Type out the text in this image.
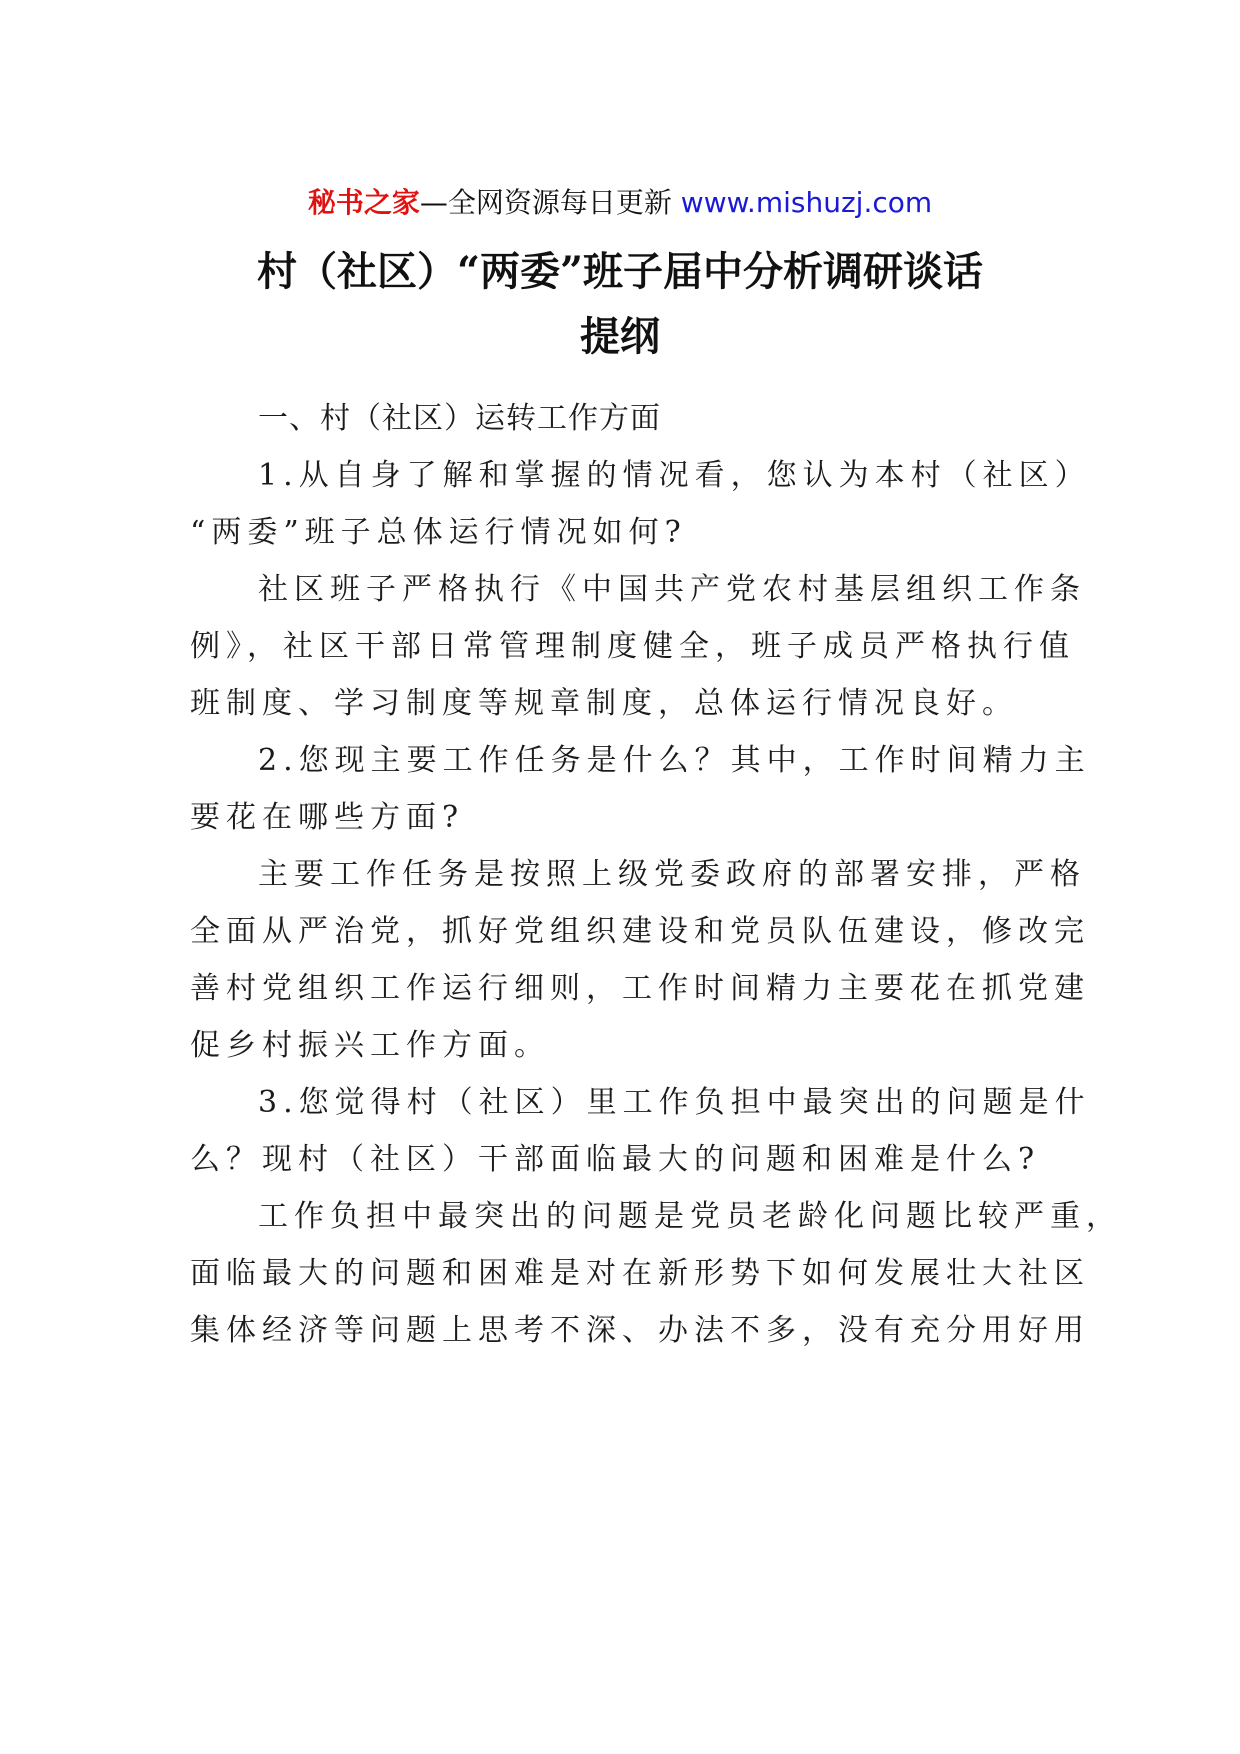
秘书之家—全网资源每日更新 www.mishuzj.com
村（社区）“两委”班子届中分析调研谈话
提纲
一、村（社区）运转工作方面
1.从自身了解和掌握的情况看，您认为本村（社区）
“两委”班子总体运行情况如何?
社区班子严格执行《中国共产党农村基层组织工作条
例》，社区干部日常管理制度健全，班子成员严格执行值
班制度、学习制度等规章制度，总体运行情况良好。
2.您现主要工作任务是什么？其中，工作时间精力主
要花在哪些方面?
主要工作任务是按照上级党委政府的部署安排，严格
全面从严治党，抓好党组织建设和党员队伍建设，修改完
善村党组织工作运行细则，工作时间精力主要花在抓党建
促乡村振兴工作方面。
3.您觉得村（社区）里工作负担中最突出的问题是什
么？现村（社区）干部面临最大的问题和困难是什么?
工作负担中最突出的问题是党员老龄化问题比较严重，
面临最大的问题和困难是对在新形势下如何发展壮大社区
集体经济等问题上思考不深、办法不多，没有充分用好用
